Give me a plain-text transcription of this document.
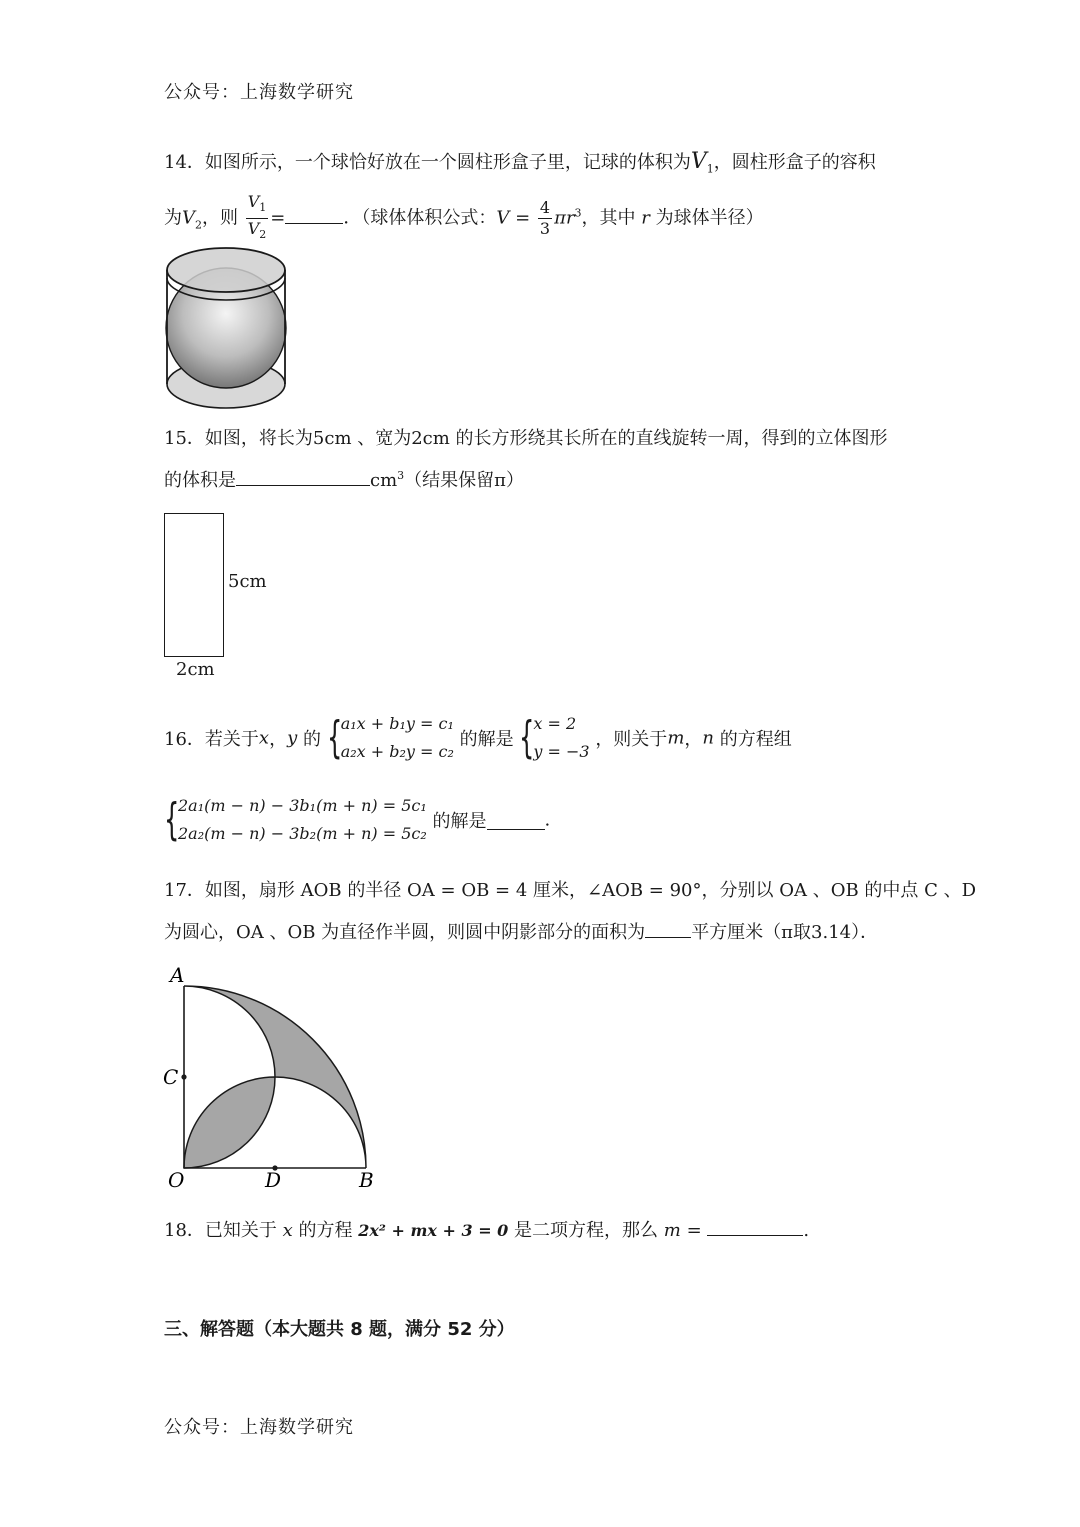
公众号：上海数学研究
14．如图所示，一个球恰好放在一个圆柱形盒子里，记球的体积为$V_1$，圆柱形盒子的容积
为$V_2$，则 $\frac{V_1}{V_2}$ =	．（球体体积公式：$V = \frac{4}{3} \pi r^3$，其中 r 为球体半径）
15．如图，将长为5cm 、宽为2cm 的长方形绕其长所在的直线旋转一周，得到的立体图形
的体积是	$cm^3$（结果保留π）
5cm
2cm
16．若关于x，y 的 {
a₁x + b₁y = c₁
a₂x + b₂y = c₂
的解是 {
x = 2
y = −3
，则关于m，n 的方程组
{
2a₁(m − n) − 3b₁(m + n) = 5c₁
2a₂(m − n) − 3b₂(m + n) = 5c₂
的解是	.
17．如图，扇形 AOB 的半径 OA = OB = 4 厘米，∠AOB = 90°，分别以 OA 、OB 的中点 C 、D
为圆心，OA 、OB 为直径作半圆，则圆中阴影部分的面积为	平方厘米（π取3.14）．
A
C
O	D	B
18．已知关于 x 的方程 2x² + mx + 3 = 0 是二项方程，那么 m =	.
三、解答题（本大题共 8 题，满分 52 分）
公众号：上海数学研究
